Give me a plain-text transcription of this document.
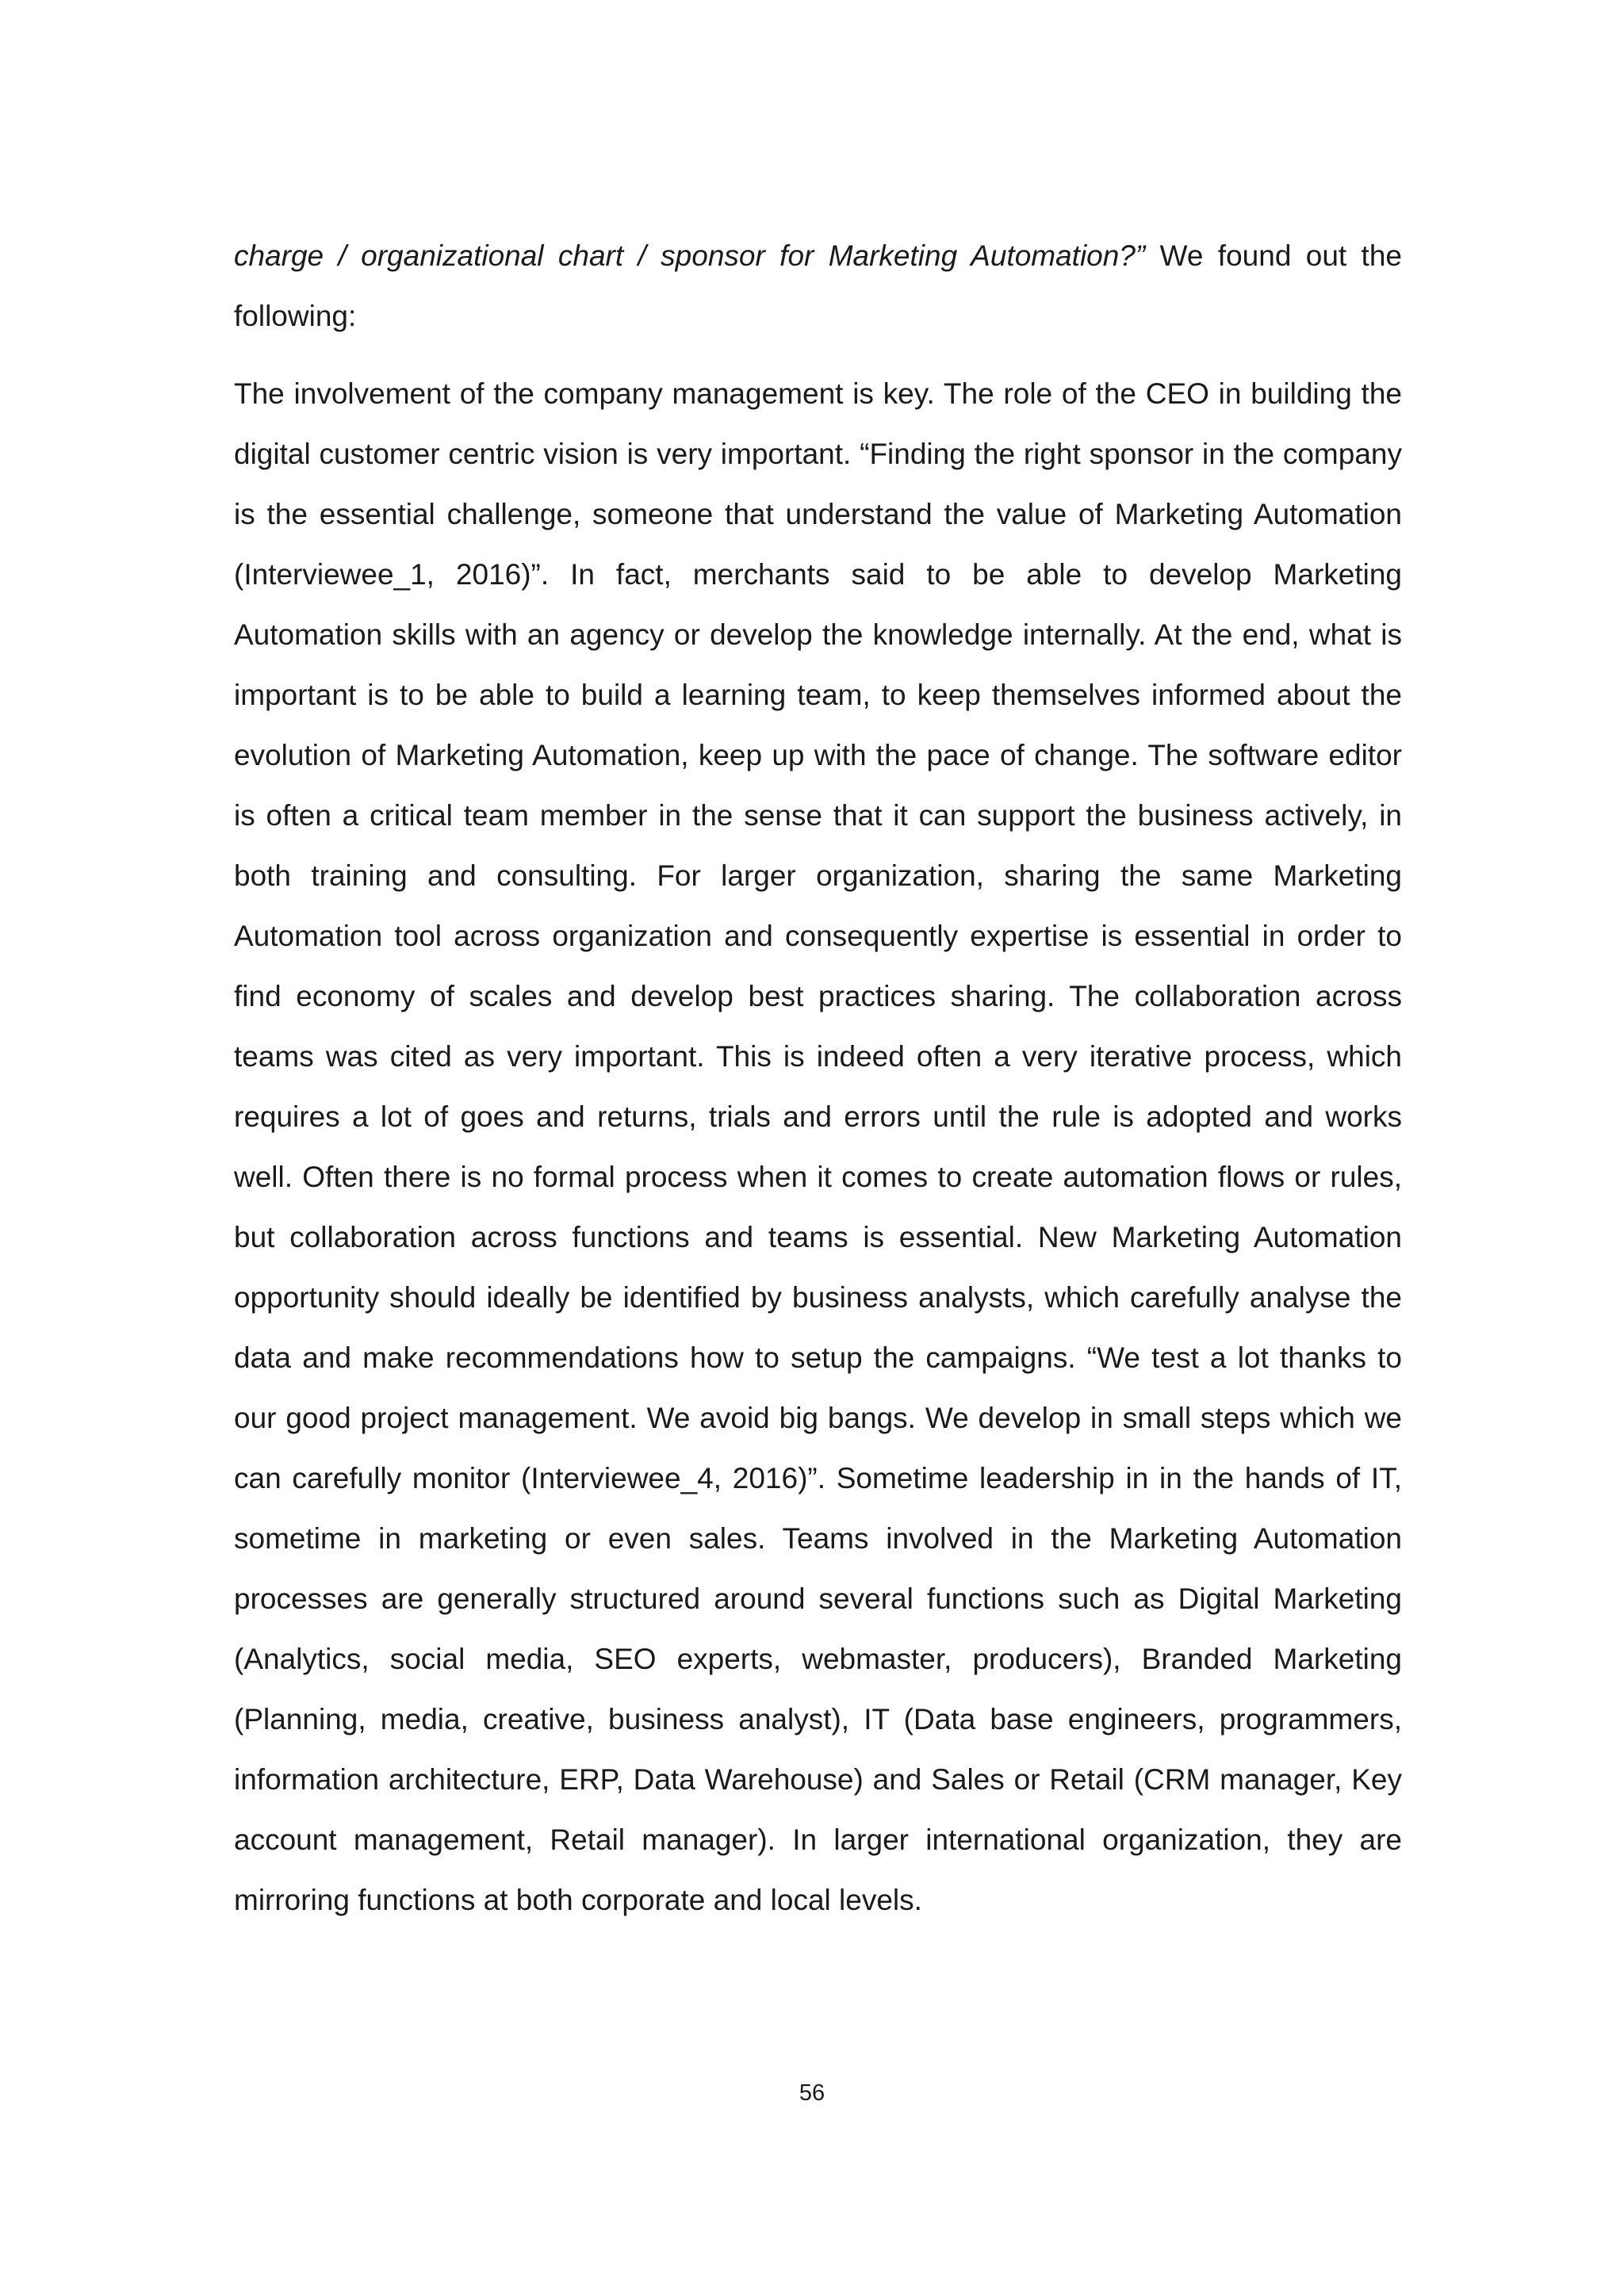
charge / organizational chart / sponsor for Marketing Automation?” We found out the following:

The involvement of the company management is key. The role of the CEO in building the digital customer centric vision is very important. “Finding the right sponsor in the company is the essential challenge, someone that understand the value of Marketing Automation (Interviewee_1, 2016)”. In fact, merchants said to be able to develop Marketing Automation skills with an agency or develop the knowledge internally. At the end, what is important is to be able to build a learning team, to keep themselves informed about the evolution of Marketing Automation, keep up with the pace of change. The software editor is often a critical team member in the sense that it can support the business actively, in both training and consulting. For larger organization, sharing the same Marketing Automation tool across organization and consequently expertise is essential in order to find economy of scales and develop best practices sharing. The collaboration across teams was cited as very important. This is indeed often a very iterative process, which requires a lot of goes and returns, trials and errors until the rule is adopted and works well. Often there is no formal process when it comes to create automation flows or rules, but collaboration across functions and teams is essential. New Marketing Automation opportunity should ideally be identified by business analysts, which carefully analyse the data and make recommendations how to setup the campaigns. “We test a lot thanks to our good project management. We avoid big bangs. We develop in small steps which we can carefully monitor (Interviewee_4, 2016)”. Sometime leadership in in the hands of IT, sometime in marketing or even sales. Teams involved in the Marketing Automation processes are generally structured around several functions such as Digital Marketing (Analytics, social media, SEO experts, webmaster, producers), Branded Marketing (Planning, media, creative, business analyst), IT (Data base engineers, programmers, information architecture, ERP, Data Warehouse) and Sales or Retail (CRM manager, Key account management, Retail manager). In larger international organization, they are mirroring functions at both corporate and local levels.

56
